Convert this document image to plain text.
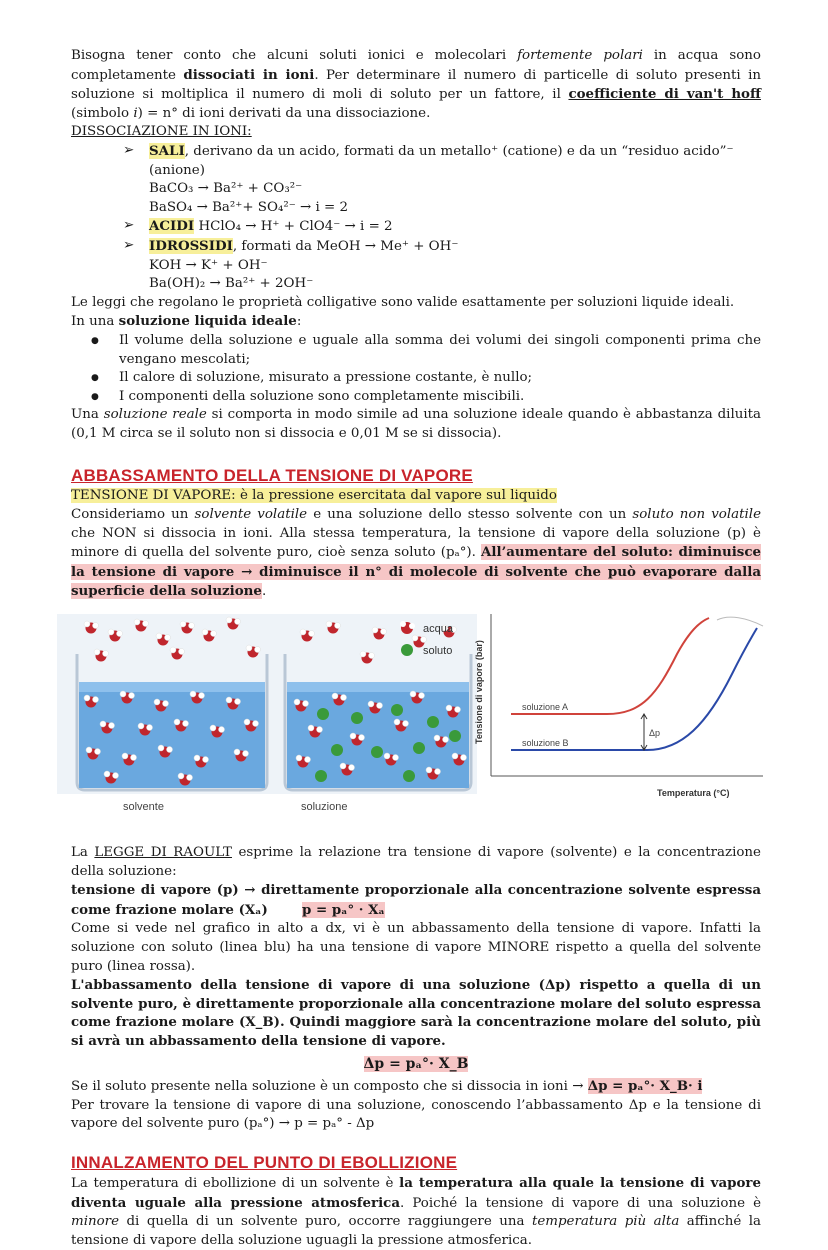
Bisogna tener conto che alcuni soluti ionici e molecolari fortemente polari in acqua sono completamente dissociati in ioni. Per determinare il numero di particelle di soluto presenti in soluzione si moltiplica il numero di moli di soluto per un fattore, il coefficiente di van't hoff (simbolo i) = n° di ioni derivati da una dissociazione.

DISSOCIAZIONE IN IONI:

➢ SALI, derivano da un acido, formati da un metallo⁺ (catione) e da un “residuo acido”⁻ (anione)
BaCO₃ → Ba²⁺ + CO₃²⁻
BaSO₄ → Ba²⁺+ SO₄²⁻ → i = 2
➢ ACIDI HClO₄ → H⁺ + ClO4⁻ → i = 2
➢ IDROSSIDI, formati da MeOH → Me⁺ + OH⁻
KOH → K⁺ + OH⁻
Ba(OH)₂ → Ba²⁺ + 2OH⁻

Le leggi che regolano le proprietà colligative sono valide esattamente per soluzioni liquide ideali.

In una soluzione liquida ideale:

● Il volume della soluzione e uguale alla somma dei volumi dei singoli componenti prima che vengano mescolati;
● Il calore di soluzione, misurato a pressione costante, è nullo;
● I componenti della soluzione sono completamente miscibili.

Una soluzione reale si comporta in modo simile ad una soluzione ideale quando è abbastanza diluita (0,1 M circa se il soluto non si dissocia e 0,01 M se si dissocia).

ABBASSAMENTO DELLA TENSIONE DI VAPORE

TENSIONE DI VAPORE: è la pressione esercitata dal vapore sul liquido

Consideriamo un solvente volatile e una soluzione dello stesso solvente con un soluto non volatile che NON si dissocia in ioni. Alla stessa temperatura, la tensione di vapore della soluzione (p) è minore di quella del solvente puro, cioè senza soluto (pₐ°). All’aumentare del soluto: diminuisce la tensione di vapore → diminuisce il n° di molecole di solvente che può evaporare dalla superficie della soluzione.

solvente	soluzione
acqua
soluto Tensione di vapore (bar)
Temperatura (°C)
soluzione A
soluzione B
Δp

La LEGGE DI RAOULT esprime la relazione tra tensione di vapore (solvente) e la concentrazione della soluzione:

tensione di vapore (p) → direttamente proporzionale alla concentrazione solvente espressa come frazione molare (Xₐ)	p = pₐ° · Xₐ

Come si vede nel grafico in alto a dx, vi è un abbassamento della tensione di vapore. Infatti la soluzione con soluto (linea blu) ha una tensione di vapore MINORE rispetto a quella del solvente puro (linea rossa).

L'abbassamento della tensione di vapore di una soluzione (Δp) rispetto a quella di un solvente puro, è direttamente proporzionale alla concentrazione molare del soluto espressa come frazione molare (X_B). Quindi maggiore sarà la concentrazione molare del soluto, più si avrà un abbassamento della tensione di vapore.

Δp = pₐ°· X_B

Se il soluto presente nella soluzione è un composto che si dissocia in ioni → Δp = pₐ°· X_B· i

Per trovare la tensione di vapore di una soluzione, conoscendo l’abbassamento Δp e la tensione di vapore del solvente puro (pₐ°) → p = pₐ° - Δp

INNALZAMENTO DEL PUNTO DI EBOLLIZIONE

La temperatura di ebollizione di un solvente è la temperatura alla quale la tensione di vapore diventa uguale alla pressione atmosferica. Poiché la tensione di vapore di una soluzione è minore di quella di un solvente puro, occorre raggiungere una temperatura più alta affinché la tensione di vapore della soluzione uguagli la pressione atmosferica.
